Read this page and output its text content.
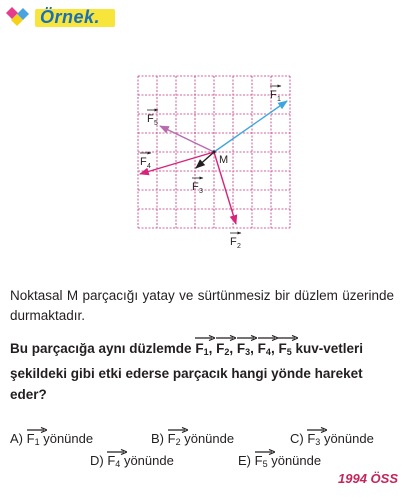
Örnek.
M
F 1
F 2
F 3
F 4
F 5
Noktasal M parçacığı yatay ve sürtünmesiz bir düzlem üzerinde durmaktadır.
Bu parçacığa aynı düzlemde $F_1$
, $F_2$
, $F_3$
, $F_4$
, $F_5$ kuv-vetleri şekildeki gibi etki ederse parçacık hangi yönde hareket eder?
A) $F_1$ yönünde	B) $F_2$ yönünde	C) $F_3$ yönünde
D) $F_4$ yönünde	E) $F_5$ yönünde
1994 ÖSS
